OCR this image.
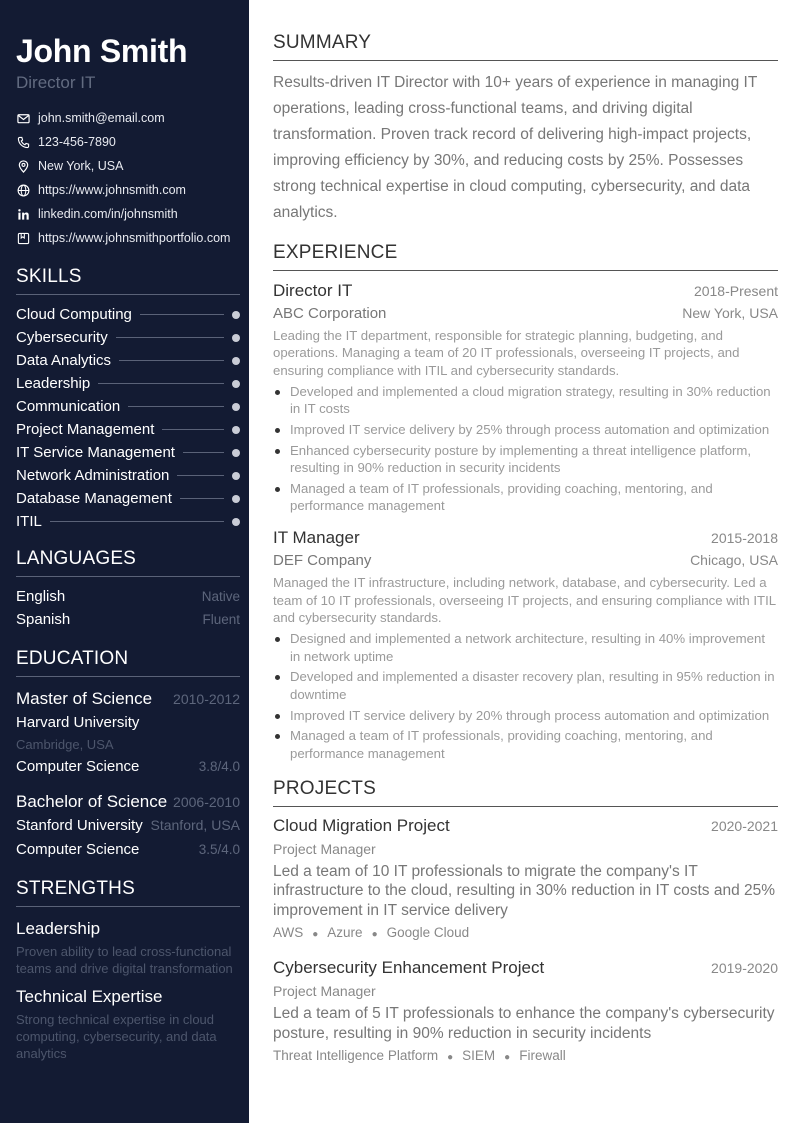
John Smith
Director IT
john.smith@email.com
123-456-7890
New York, USA
https://www.johnsmith.com
linkedin.com/in/johnsmith
https://www.johnsmithportfolio.com
SKILLS
Cloud Computing
Cybersecurity
Data Analytics
Leadership
Communication
Project Management
IT Service Management
Network Administration
Database Management
ITIL
LANGUAGES
English	Native
Spanish	Fluent
EDUCATION
Master of Science 2010-2012
Harvard University
Cambridge, USA
Computer Science	3.8/4.0
Bachelor of Science 2006-2010
Stanford University Stanford, USA
Computer Science	3.5/4.0
STRENGTHS
Leadership
Proven ability to lead cross-functional teams and drive digital transformation
Technical Expertise
Strong technical expertise in cloud computing, cybersecurity, and data analytics
SUMMARY
Results-driven IT Director with 10+ years of experience in managing IT operations, leading cross-functional teams, and driving digital transformation. Proven track record of delivering high-impact projects, improving efficiency by 30%, and reducing costs by 25%. Possesses strong technical expertise in cloud computing, cybersecurity, and data analytics.
EXPERIENCE
Director IT	2018-Present
ABC Corporation	New York, USA
Leading the IT department, responsible for strategic planning, budgeting, and operations. Managing a team of 20 IT professionals, overseeing IT projects, and ensuring compliance with ITIL and cybersecurity standards.
Developed and implemented a cloud migration strategy, resulting in 30% reduction in IT costs
Improved IT service delivery by 25% through process automation and optimization
Enhanced cybersecurity posture by implementing a threat intelligence platform, resulting in 90% reduction in security incidents
Managed a team of IT professionals, providing coaching, mentoring, and performance management
IT Manager	2015-2018
DEF Company	Chicago, USA
Managed the IT infrastructure, including network, database, and cybersecurity. Led a team of 10 IT professionals, overseeing IT projects, and ensuring compliance with ITIL and cybersecurity standards.
Designed and implemented a network architecture, resulting in 40% improvement in network uptime
Developed and implemented a disaster recovery plan, resulting in 95% reduction in downtime
Improved IT service delivery by 20% through process automation and optimization
Managed a team of IT professionals, providing coaching, mentoring, and performance management
PROJECTS
Cloud Migration Project	2020-2021
Project Manager
Led a team of 10 IT professionals to migrate the company's IT infrastructure to the cloud, resulting in 30% reduction in IT costs and 25% improvement in IT service delivery
AWS ● Azure ● Google Cloud
Cybersecurity Enhancement Project	2019-2020
Project Manager
Led a team of 5 IT professionals to enhance the company's cybersecurity posture, resulting in 90% reduction in security incidents
Threat Intelligence Platform ● SIEM ● Firewall
